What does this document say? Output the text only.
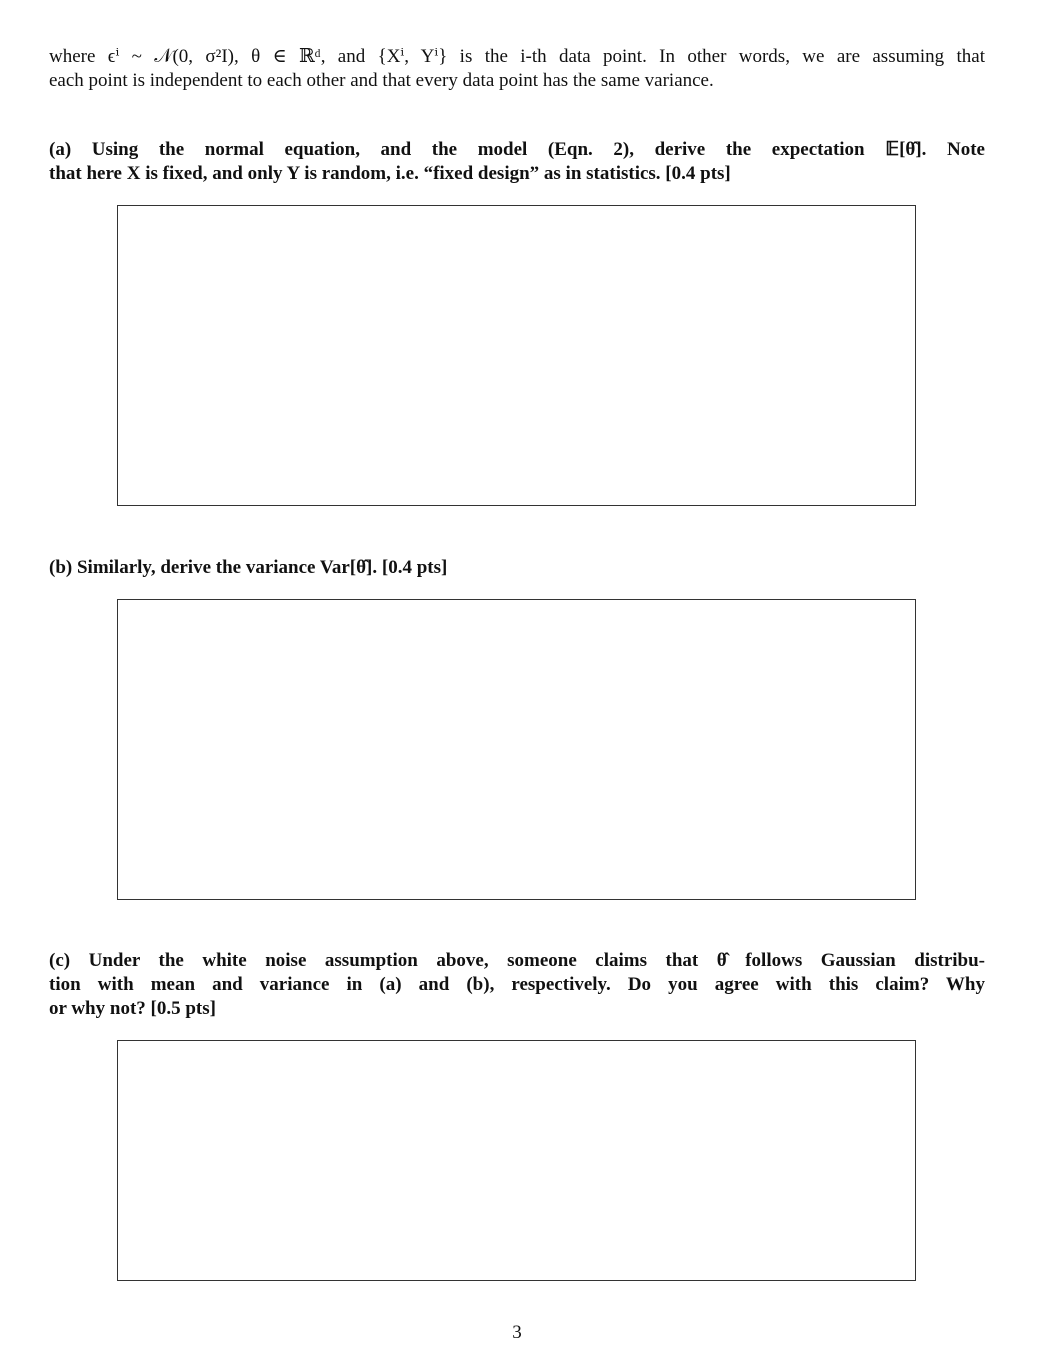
where ϵⁱ ~ 𝒩(0, σ²I), θ ∈ ℝᵈ, and {Xⁱ, Yⁱ} is the i-th data point. In other words, we are assuming that
each point is independent to each other and that every data point has the same variance.
(a) Using the normal equation, and the model (Eqn. 2), derive the expectation 𝔼[θ̂]. Note
that here X is fixed, and only Y is random, i.e. “fixed design” as in statistics. [0.4 pts]
(b) Similarly, derive the variance Var[θ̂]. [0.4 pts]
(c) Under the white noise assumption above, someone claims that θ̂ follows Gaussian distribu-
tion with mean and variance in (a) and (b), respectively. Do you agree with this claim? Why
or why not? [0.5 pts]
3
